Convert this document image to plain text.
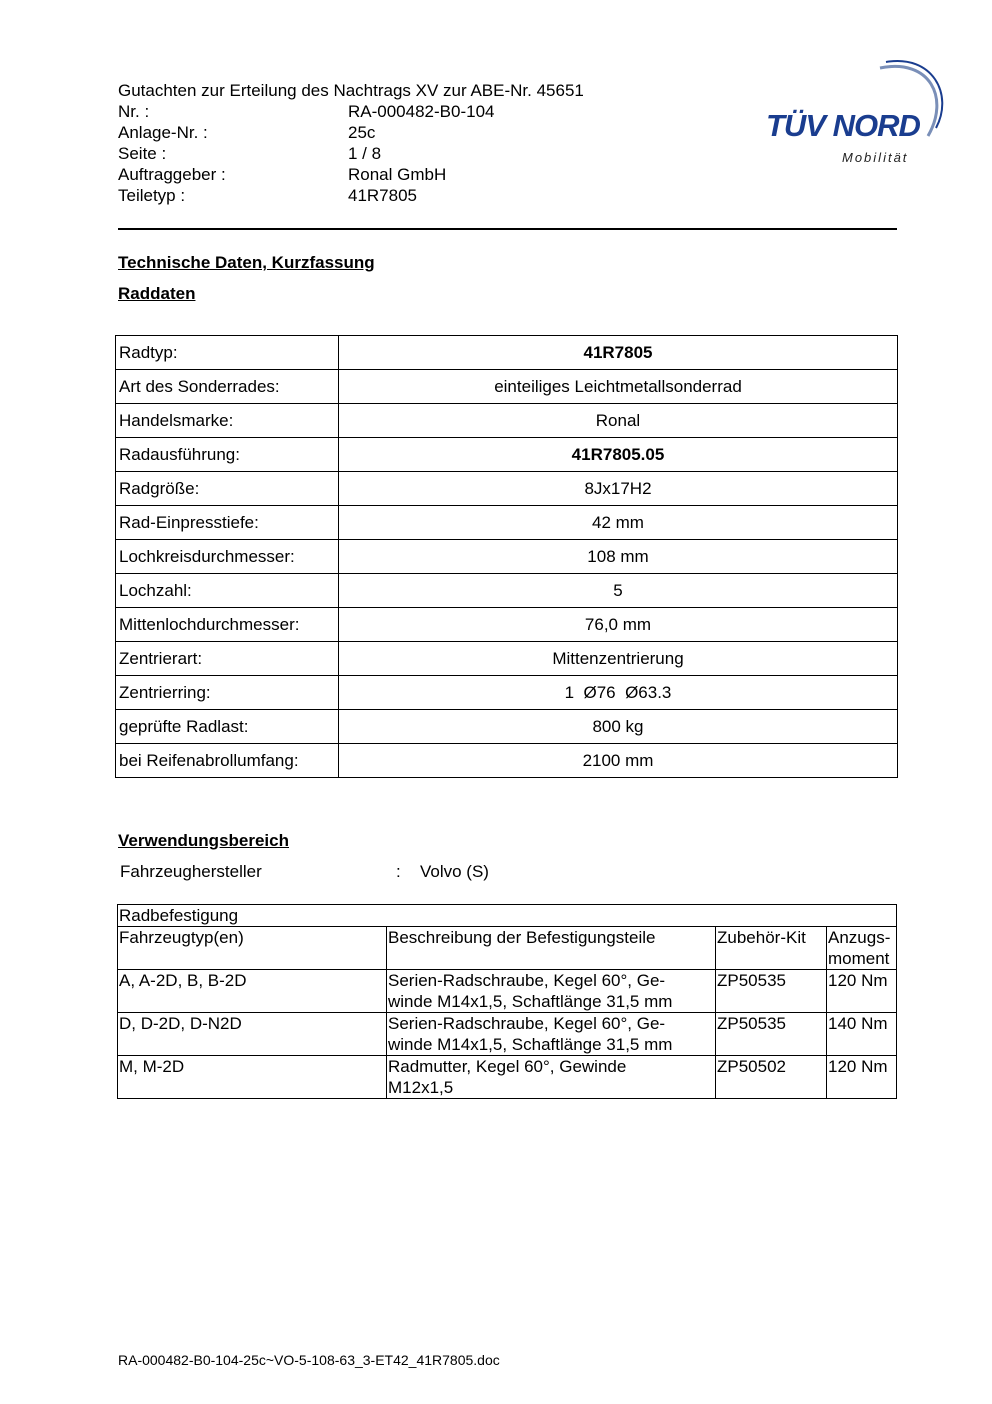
Gutachten zur Erteilung des Nachtrags XV zur ABE-Nr. 45651
Nr. :	RA-000482-B0-104
Anlage-Nr. :	25c
Seite :	1 / 8
Auftraggeber :	Ronal GmbH
Teiletyp :	41R7805
TÜV NORD
Mobilität
Technische Daten, Kurzfassung
Raddaten
Radtyp:	41R7805
Art des Sonderrades:	einteiliges Leichtmetallsonderrad
Handelsmarke:	Ronal
Radausführung:	41R7805.05
Radgröße:	8Jx17H2
Rad-Einpresstiefe:	42 mm
Lochkreisdurchmesser:	108 mm
Lochzahl:	5
Mittenlochdurchmesser:	76,0 mm
Zentrierart:	Mittenzentrierung
Zentrierring:	1  Ø76  Ø63.3
geprüfte Radlast:	800 kg
bei Reifenabrollumfang:	2100 mm
Verwendungsbereich
Fahrzeughersteller	: Volvo (S)
Radbefestigung			
Fahrzeugtyp(en)	Beschreibung der Befestigungsteile	Zubehör-Kit	Anzugs-
moment
A, A-2D, B, B-2D	Serien-Radschraube, Kegel 60°, Ge-
winde M14x1,5, Schaftlänge 31,5 mm	ZP50535	120 Nm
D, D-2D, D-N2D	Serien-Radschraube, Kegel 60°, Ge-
winde M14x1,5, Schaftlänge 31,5 mm	ZP50535	140 Nm
M, M-2D	Radmutter, Kegel 60°, Gewinde
M12x1,5	ZP50502	120 Nm
RA-000482-B0-104-25c~VO-5-108-63_3-ET42_41R7805.doc
